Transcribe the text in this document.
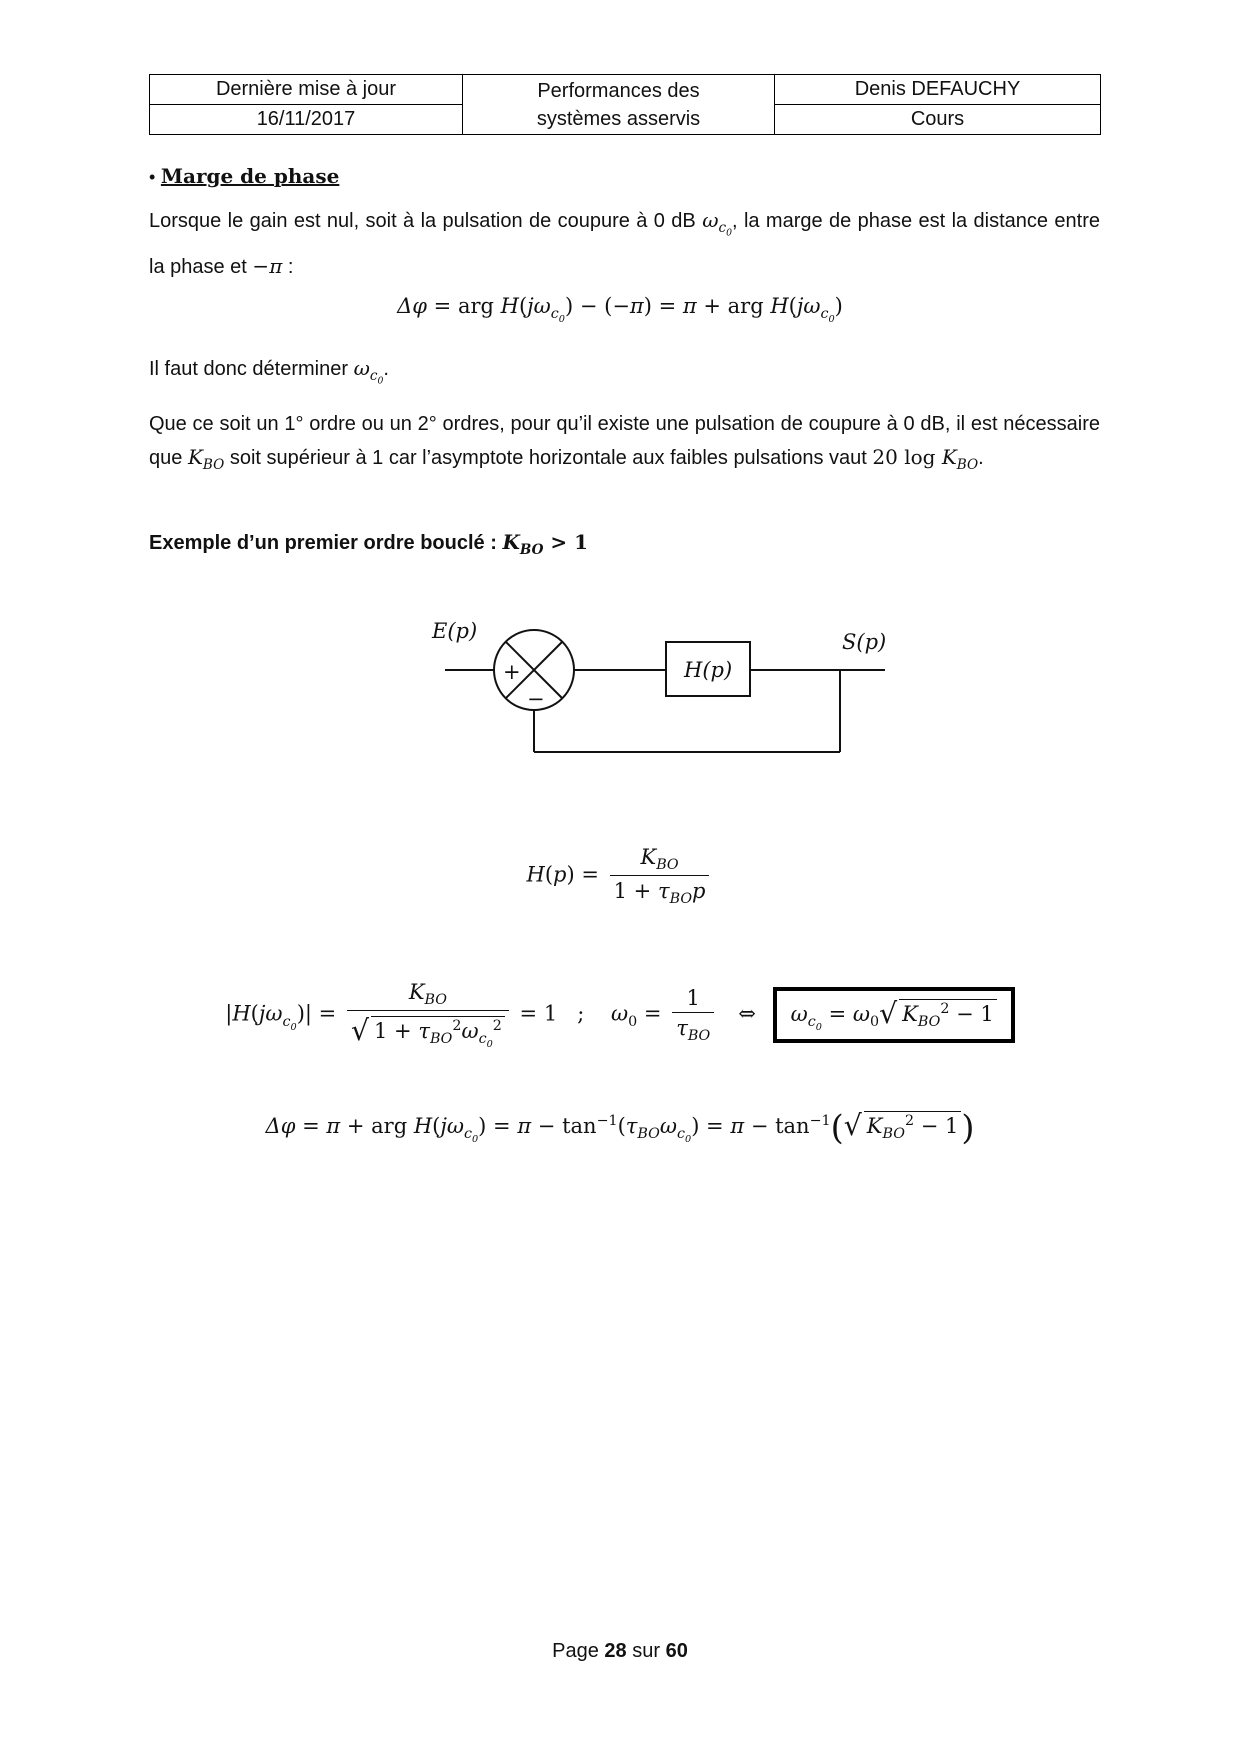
Dernière mise à jour	Performances des systèmes asservis	Denis DEFAUCHY
16/11/2017		Cours
• Marge de phase
Lorsque le gain est nul, soit à la pulsation de coupure à 0 dB $\omega_{c_0}$, la marge de phase est la distance entre la phase et −π :
Δφ = arg $H(j\omega_{c_0}) - (-\pi) = \pi$ + arg $H(j\omega_{c_0})$
Il faut donc déterminer $\omega_{c_0}$.
Que ce soit un 1° ordre ou un 2° ordres, pour qu’il existe une pulsation de coupure à 0 dB, il est nécessaire que $K_{BO}$ soit supérieur à 1 car l’asymptote horizontale aux faibles pulsations vaut 20 $\log K_{BO}$.
Exemple d’un premier ordre bouclé : $K_{BO} > 1$
E(p)	S(p)
H(p)
+
−
$H(p) = \frac{K_{BO}}{1 + \tau_{BO}p}$
$|H(j\omega_{c_0})| = \frac{K_{BO}}{√ 1 + \tau_{BO}^2\omega_{c_0}^2} = 1$   ;    $\omega_0 = \frac{1}{\tau_{BO}}$ ⇔ $\omega_{c_0} = \omega_0√$ $K_{BO}^2 - 1$
Δφ = π + arg $H(j\omega_{c_0}) = \pi - \tan^{-1}(\tau_{BO}\omega_{c_0}) = \pi - \tan^{-1}(√$ $K_{BO}^2 - 1$)
Page 28 sur 60
